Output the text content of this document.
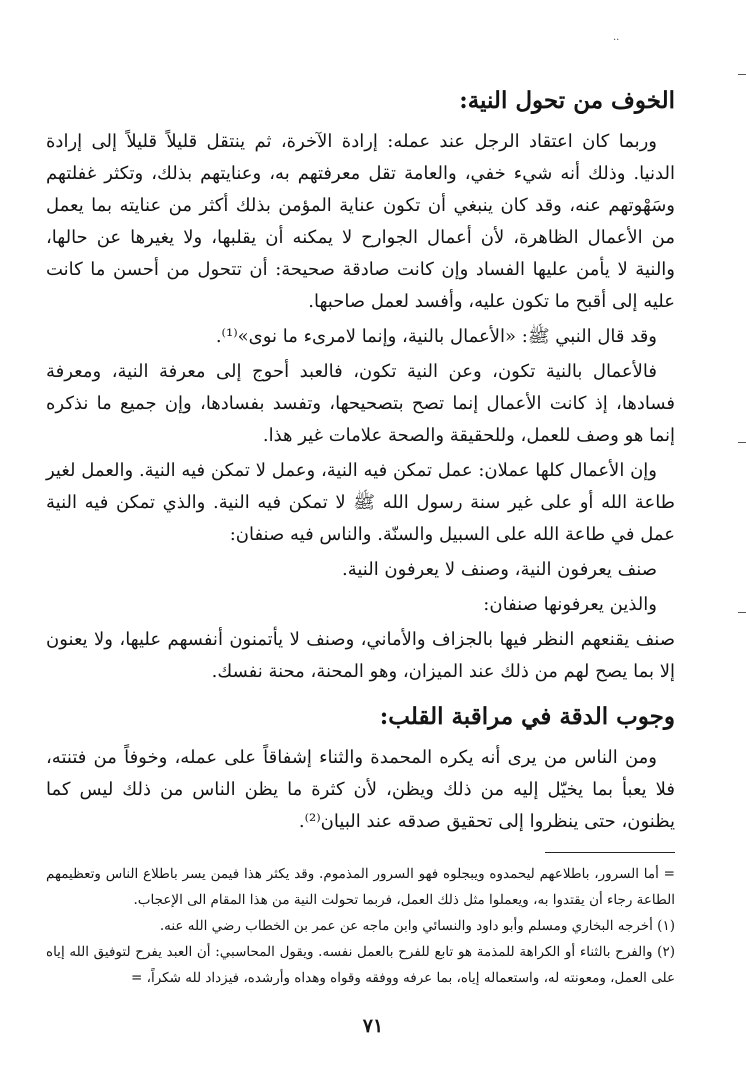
..
الخوف من تحول النية:

وربما كان اعتقاد الرجل عند عمله: إرادة الآخرة، ثم ينتقل قليلاً قليلاً إلى إرادة الدنيا. وذلك أنه شيء خفي، والعامة تقل معرفتهم به، وعنايتهم بذلك، وتكثر غفلتهم وسَهْوتهم عنه، وقد كان ينبغي أن تكون عناية المؤمن بذلك أكثر من عنايته بما يعمل من الأعمال الظاهرة، لأن أعمال الجوارح لا يمكنه أن يقلبها، ولا يغيرها عن حالها، والنية لا يأمن عليها الفساد وإن كانت صادقة صحيحة: أن تتحول من أحسن ما كانت عليه إلى أقبح ما تكون عليه، وأفسد لعمل صاحبها.

وقد قال النبي ﷺ: «الأعمال بالنية، وإنما لامرىء ما نوى»⁽¹⁾.

فالأعمال بالنية تكون، وعن النية تكون، فالعبد أحوج إلى معرفة النية، ومعرفة فسادها، إذ كانت الأعمال إنما تصح بتصحيحها، وتفسد بفسادها، وإن جميع ما نذكره إنما هو وصف للعمل، وللحقيقة والصحة علامات غير هذا.

وإن الأعمال كلها عملان: عمل تمكن فيه النية، وعمل لا تمكن فيه النية. والعمل لغير طاعة الله أو على غير سنة رسول الله ﷺ لا تمكن فيه النية. والذي تمكن فيه النية عمل في طاعة الله على السبيل والسنّة. والناس فيه صنفان:

صنف يعرفون النية، وصنف لا يعرفون النية.

والذين يعرفونها صنفان:

صنف يقنعهم النظر فيها بالجزاف والأماني، وصنف لا يأتمنون أنفسهم عليها، ولا يعنون إلا بما يصح لهم من ذلك عند الميزان، وهو المحنة، محنة نفسك.

وجوب الدقة في مراقبة القلب:

ومن الناس من يرى أنه يكره المحمدة والثناء إشفاقاً على عمله، وخوفاً من فتنته، فلا يعبأ بما يخيّل إليه من ذلك ويظن، لأن كثرة ما يظن الناس من ذلك ليس كما يظنون، حتى ينظروا إلى تحقيق صدقه عند البيان⁽²⁾.

= أما السرور، باطلاعهم ليحمدوه ويبجلوه فهو السرور المذموم. وقد يكثر هذا فيمن يسر باطلاع الناس وتعظيمهم الطاعة رجاء أن يقتدوا به، ويعملوا مثل ذلك العمل، فربما تحولت النية من هذا المقام الى الإعجاب.

(١) أخرجه البخاري ومسلم وأبو داود والنسائي وابن ماجه عن عمر بن الخطاب رضي الله عنه.

(٢) والفرح بالثناء أو الكراهة للمذمة هو تابع للفرح بالعمل نفسه. ويقول المحاسبي: أن العبد يفرح لتوفيق الله إياه على العمل، ومعونته له، واستعماله إياه، بما عرفه ووفقه وقواه وهداه وأرشده، فيزداد لله شكراً، =

٧١
